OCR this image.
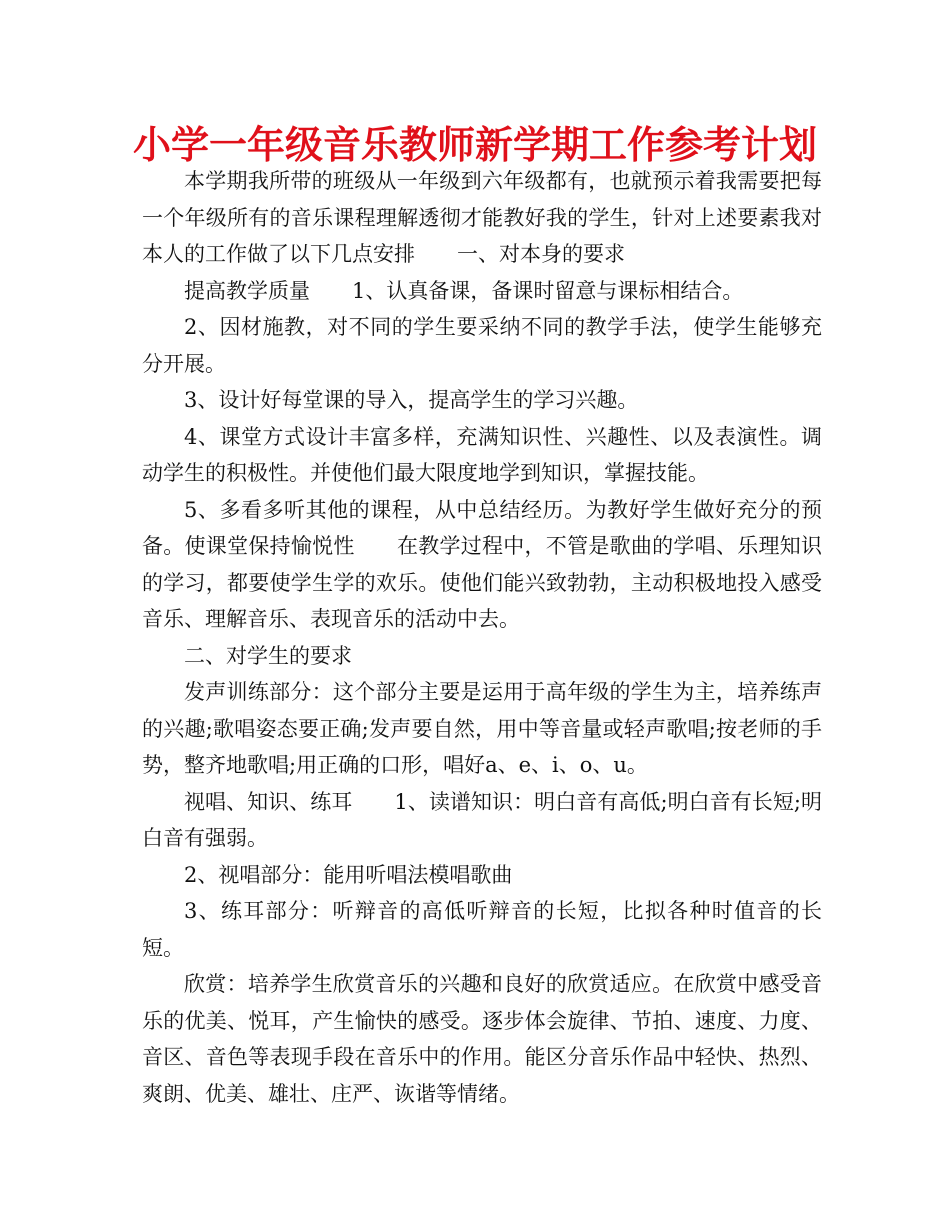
小学一年级音乐教师新学期工作参考计划

本学期我所带的班级从一年级到六年级都有，也就预示着我需要把每一个年级所有的音乐课程理解透彻才能教好我的学生，针对上述要素我对本人的工作做了以下几点安排 一、对本身的要求

提高教学质量 1、认真备课，备课时留意与课标相结合。

2、因材施教，对不同的学生要采纳不同的教学手法，使学生能够充分开展。

3、设计好每堂课的导入，提高学生的学习兴趣。

4、课堂方式设计丰富多样，充满知识性、兴趣性、以及表演性。调动学生的积极性。并使他们最大限度地学到知识，掌握技能。

5、多看多听其他的课程，从中总结经历。为教好学生做好充分的预备。使课堂保持愉悦性 在教学过程中，不管是歌曲的学唱、乐理知识的学习，都要使学生学的欢乐。使他们能兴致勃勃，主动积极地投入感受音乐、理解音乐、表现音乐的活动中去。

二、对学生的要求

发声训练部分：这个部分主要是运用于高年级的学生为主，培养练声的兴趣;歌唱姿态要正确;发声要自然，用中等音量或轻声歌唱;按老师的手势，整齐地歌唱;用正确的口形，唱好a、e、i、o、u。

视唱、知识、练耳 1、读谱知识：明白音有高低;明白音有长短;明白音有强弱。

2、视唱部分：能用听唱法模唱歌曲

3、练耳部分：听辩音的高低听辩音的长短，比拟各种时值音的长短。

欣赏：培养学生欣赏音乐的兴趣和良好的欣赏适应。在欣赏中感受音乐的优美、悦耳，产生愉快的感受。逐步体会旋律、节拍、速度、力度、音区、音色等表现手段在音乐中的作用。能区分音乐作品中轻快、热烈、爽朗、优美、雄壮、庄严、诙谐等情绪。
